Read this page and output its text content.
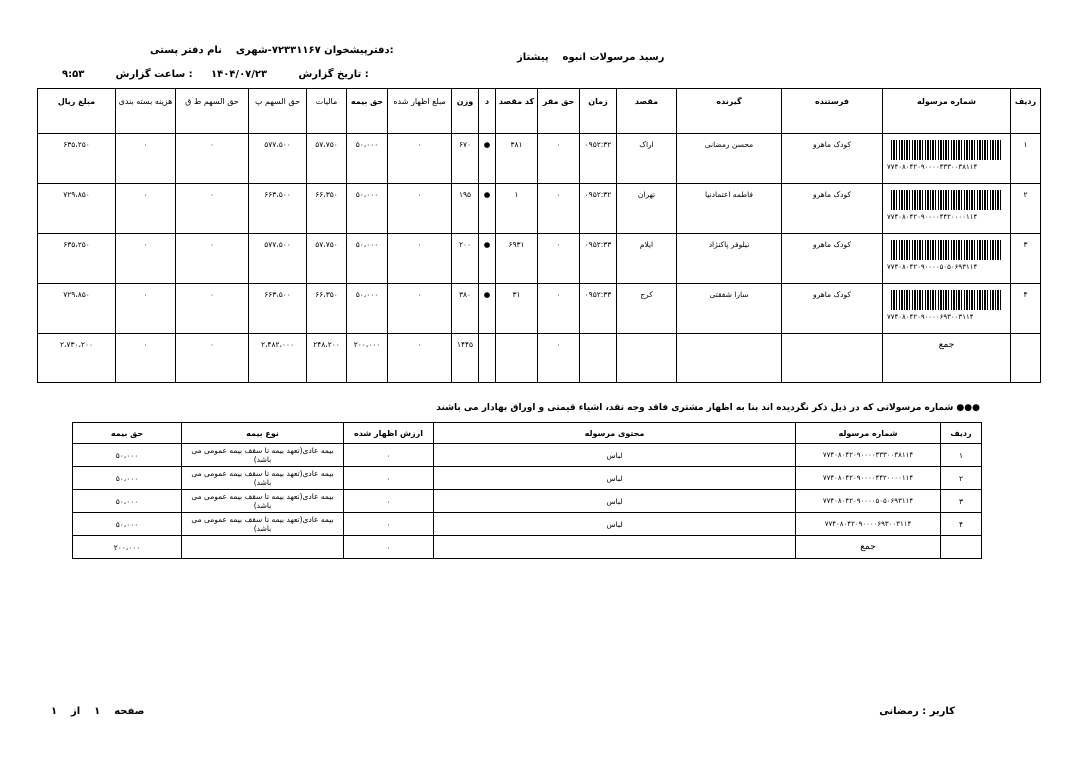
رسید مرسولات انبوه    پیشتاز
دفترپیشخوان ۷۲۳۳۱۱۶۷-شهری    نام دفتر پستی:
۱۴۰۴/۰۷/۲۳	تاریخ گزارش :
۹:۵۳	ساعت گزارش :
ردیف	شماره مرسوله	فرستنده	گیرنده	مقصد	زمان	حق مقر	کد مقصد	د	وزن	مبلغ اظهار شده	حق بیمه	مالیات	حق السهم پ	حق السهم ط ق	هزینه بسته بندی	مبلغ ریال
۱	۷۷۴۰۸۰۴۲۰۹۰۰۰۰۳۳۳۰۰۳۸۱۱۴	کودک ماهرو	محسن رمضانی	اراک	۰۹۵۲:۳۲	۰	۳۸۱	●	۶۷۰	۰	۵۰،۰۰۰	۵۷،۷۵۰	۵۷۷،۵۰۰	۰	۰	۶۳۵،۲۵۰
۲	۷۷۴۰۸۰۴۲۰۹۰۰۰۰۴۴۲۰۰۰۰۱۱۴	کودک ماهرو	فاطمه اعتمادنیا	تهران	۰۹۵۲:۳۲	۰	۱	●	۱۹۵	۰	۵۰،۰۰۰	۶۶،۳۵۰	۶۶۳،۵۰۰	۰	۰	۷۲۹،۸۵۰
۳	۷۷۴۰۸۰۴۲۰۹۰۰۰۰۵۰۵۰۶۹۳۱۱۴	کودک ماهرو	نیلوفر پاکنژاد	ایلام	۰۹۵۲:۳۳	۰	۶۹۳۱	●	۲۰۰	۰	۵۰،۰۰۰	۵۷،۷۵۰	۵۷۷،۵۰۰	۰	۰	۶۳۵،۲۵۰
۴	۷۷۴۰۸۰۴۲۰۹۰۰۰۰۶۹۳۰۰۳۱۱۴	کودک ماهرو	سارا شفقتی	کرج	۰۹۵۲:۳۳	۰	۳۱	●	۳۸۰	۰	۵۰،۰۰۰	۶۶،۳۵۰	۶۶۳،۵۰۰	۰	۰	۷۲۹،۸۵۰
	جمع					۰			۱۴۴۵	۰	۲۰۰،۰۰۰	۲۴۸،۲۰۰	۲،۴۸۲،۰۰۰	۰	۰	۲،۷۳۰،۲۰۰
●●● شماره مرسولاتی که در ذیل ذکر نگردیده اند بنا به اظهار مشتری فاقد وجه نقد، اشیاء قیمتی و اوراق بهادار می باشند
ردیف	شماره مرسوله	محتوی مرسوله	ارزش اظهار شده	نوع بیمه	حق بیمه
۱	۷۷۴۰۸۰۴۲۰۹۰۰۰۰۳۳۳۰۰۳۸۱۱۴	لباس	۰	بیمه عادی(تعهد بیمه تا سقف بیمه عمومی می باشد)	۵۰،۰۰۰
۲	۷۷۴۰۸۰۴۲۰۹۰۰۰۰۴۴۲۰۰۰۰۱۱۴	لباس	۰	بیمه عادی(تعهد بیمه تا سقف بیمه عمومی می باشد)	۵۰،۰۰۰
۳	۷۷۴۰۸۰۴۲۰۹۰۰۰۰۵۰۵۰۶۹۳۱۱۴	لباس	۰	بیمه عادی(تعهد بیمه تا سقف بیمه عمومی می باشد)	۵۰،۰۰۰
۴	۷۷۴۰۸۰۴۲۰۹۰۰۰۰۶۹۳۰۰۳۱۱۴	لباس	۰	بیمه عادی(تعهد بیمه تا سقف بیمه عمومی می باشد)	۵۰،۰۰۰
	جمع		۰		۲۰۰،۰۰۰
کاربر : رمضانی
صفحه    ۱    از    ۱
